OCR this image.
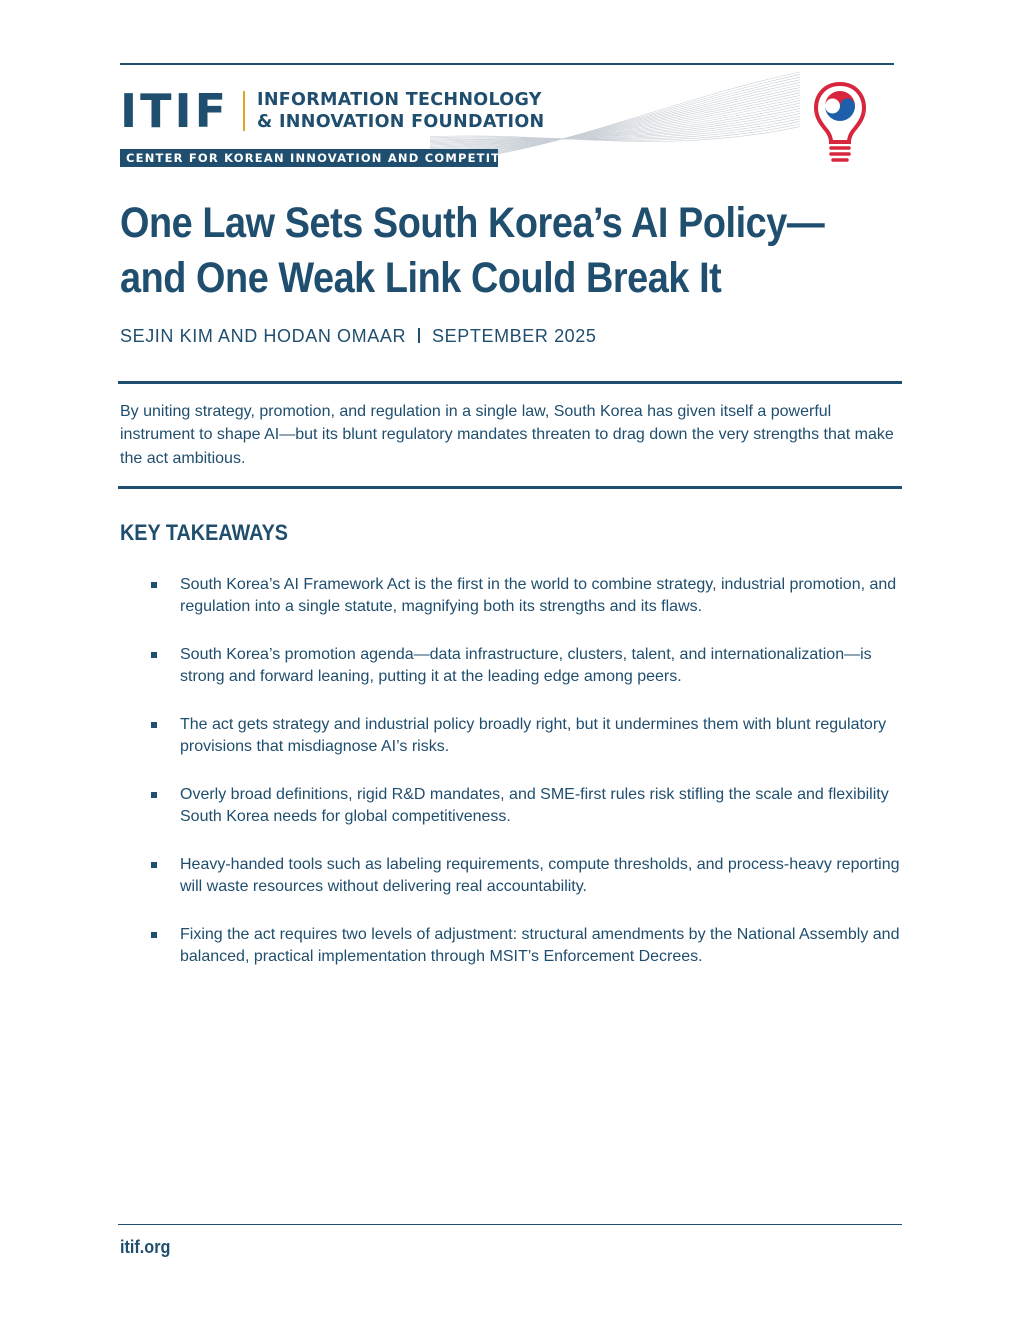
ITIF INFORMATION TECHNOLOGY
& INNOVATION FOUNDATION
CENTER FOR KOREAN INNOVATION AND COMPETITIVENESS
One Law Sets South Korea’s AI Policy—
and One Weak Link Could Break It
SEJIN KIM AND HODAN OMAAR SEPTEMBER 2025

By uniting strategy, promotion, and regulation in a single law, South Korea has given itself a powerful instrument to shape AI—but its blunt regulatory mandates threaten to drag down the very strengths that make the act ambitious.

KEY TAKEAWAYS
South Korea’s AI Framework Act is the first in the world to combine strategy, industrial promotion, and regulation into a single statute, magnifying both its strengths and its flaws.
South Korea’s promotion agenda—data infrastructure, clusters, talent, and internationalization—is strong and forward leaning, putting it at the leading edge among peers.
The act gets strategy and industrial policy broadly right, but it undermines them with blunt regulatory provisions that misdiagnose AI’s risks.
Overly broad definitions, rigid R&D mandates, and SME-first rules risk stifling the scale and flexibility South Korea needs for global competitiveness.
Heavy-handed tools such as labeling requirements, compute thresholds, and process-heavy reporting will waste resources without delivering real accountability.
Fixing the act requires two levels of adjustment: structural amendments by the National Assembly and balanced, practical implementation through MSIT’s Enforcement Decrees.
itif.org
